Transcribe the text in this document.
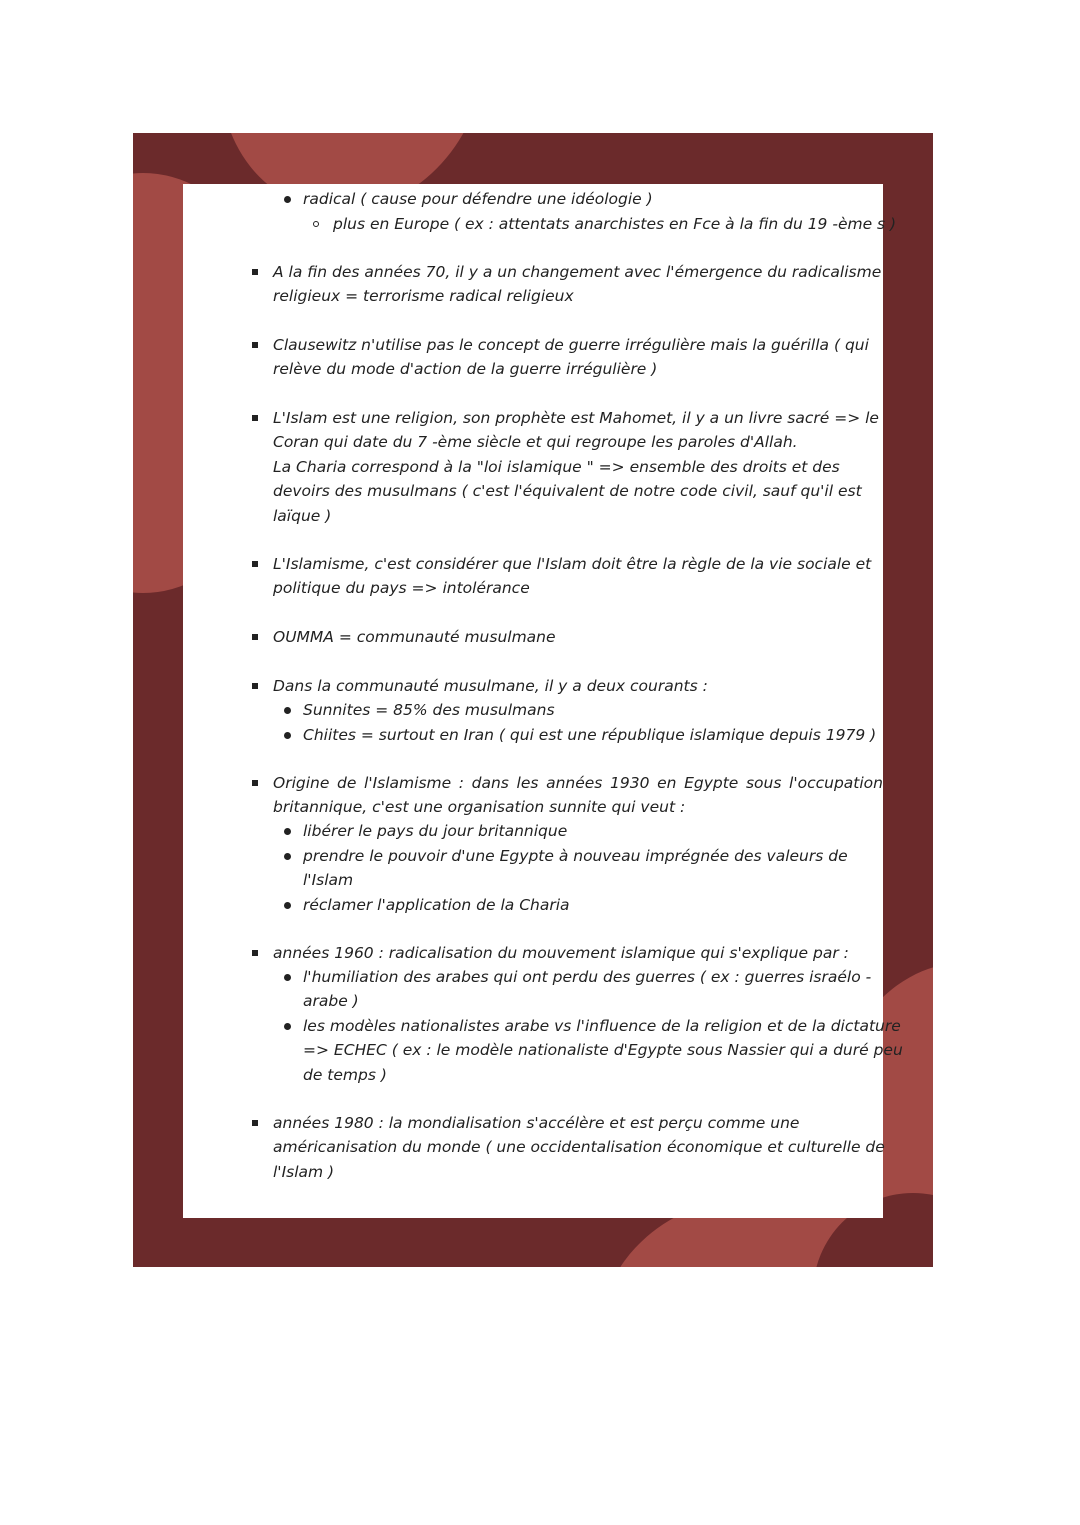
radical ( cause pour défendre une idéologie )
plus en Europe ( ex : attentats anarchistes en Fce à la fin du 19 -ème s )
A la fin des années 70, il y a un changement avec l'émergence du radicalisme
religieux = terrorisme radical religieux
Clausewitz n'utilise pas le concept de guerre irrégulière mais la guérilla ( qui
relève du mode d'action de la guerre irrégulière )
L'Islam est une religion, son prophète est Mahomet, il y a un livre sacré => le
Coran qui date du 7 -ème siècle et qui regroupe les paroles d'Allah.
La Charia correspond à la "loi islamique " => ensemble des droits et des
devoirs des musulmans ( c'est l'équivalent de notre code civil, sauf qu'il est
laïque )
L'Islamisme, c'est considérer que l'Islam doit être la règle de la vie sociale et
politique du pays => intolérance
OUMMA = communauté musulmane
Dans la communauté musulmane, il y a deux courants :
Sunnites = 85% des musulmans
Chiites = surtout en Iran ( qui est une république islamique depuis 1979 )
Origine de l'Islamisme : dans les années 1930 en Egypte sous l'occupation
britannique, c'est une organisation sunnite qui veut :
libérer le pays du jour britannique
prendre le pouvoir d'une Egypte à nouveau imprégnée des valeurs de
l'Islam
réclamer l'application de la Charia
années 1960 : radicalisation du mouvement islamique qui s'explique par :
l'humiliation des arabes qui ont perdu des guerres ( ex : guerres israélo -
arabe )
les modèles nationalistes arabe vs l'influence de la religion et de la dictature
=> ECHEC ( ex : le modèle nationaliste d'Egypte sous Nassier qui a duré peu
de temps )
années 1980 : la mondialisation s'accélère et est perçu comme une
américanisation du monde ( une occidentalisation économique et culturelle de
l'Islam )
